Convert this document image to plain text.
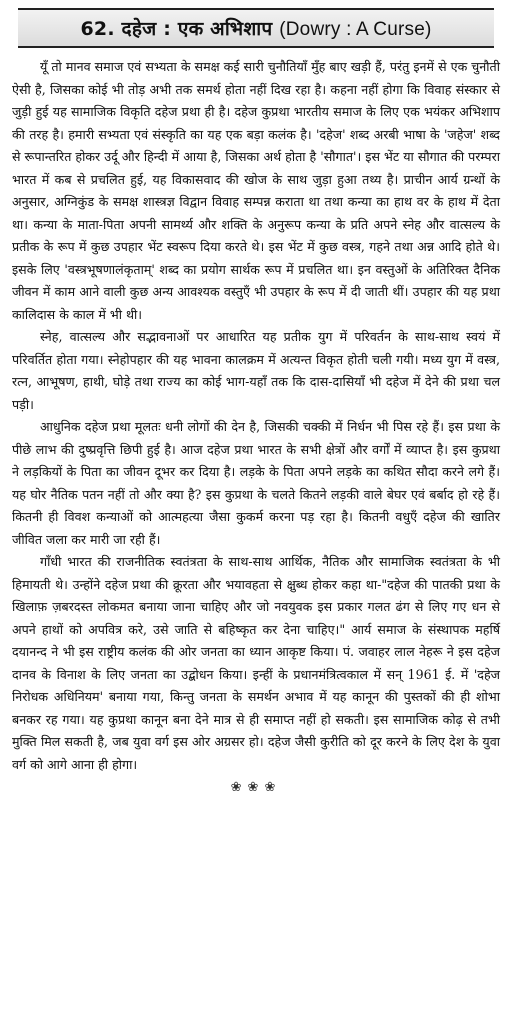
62. दहेज : एक अभिशाप (Dowry : A Curse)

यूँ तो मानव समाज एवं सभ्यता के समक्ष कई सारी चुनौतियाँ मुँह बाए खड़ी हैं, परंतु इनमें से एक चुनौती ऐसी है, जिसका कोई भी तोड़ अभी तक समर्थ होता नहीं दिख रहा है। कहना नहीं होगा कि विवाह संस्कार से जुड़ी हुई यह सामाजिक विकृति दहेज प्रथा ही है। दहेज कुप्रथा भारतीय समाज के लिए एक भयंकर अभिशाप की तरह है। हमारी सभ्यता एवं संस्कृति का यह एक बड़ा कलंक है। 'दहेज' शब्द अरबी भाषा के 'जहेज' शब्द से रूपान्तरित होकर उर्दू और हिन्दी में आया है, जिसका अर्थ होता है 'सौगात'। इस भेंट या सौगात की परम्परा भारत में कब से प्रचलित हुई, यह विकासवाद की खोज के साथ जुड़ा हुआ तथ्य है। प्राचीन आर्य ग्रन्थों के अनुसार, अग्निकुंड के समक्ष शास्त्रज्ञ विद्वान विवाह सम्पन्न कराता था तथा कन्या का हाथ वर के हाथ में देता था। कन्या के माता-पिता अपनी सामर्थ्य और शक्ति के अनुरूप कन्या के प्रति अपने स्नेह और वात्सल्य के प्रतीक के रूप में कुछ उपहार भेंट स्वरूप दिया करते थे। इस भेंट में कुछ वस्त्र, गहने तथा अन्न आदि होते थे। इसके लिए 'वस्त्रभूषणालंकृताम्' शब्द का प्रयोग सार्थक रूप में प्रचलित था। इन वस्तुओं के अतिरिक्त दैनिक जीवन में काम आने वाली कुछ अन्य आवश्यक वस्तुएँ भी उपहार के रूप में दी जाती थीं। उपहार की यह प्रथा कालिदास के काल में भी थी।

स्नेह, वात्सल्य और सद्भावनाओं पर आधारित यह प्रतीक युग में परिवर्तन के साथ-साथ स्वयं में परिवर्तित होता गया। स्नेहोपहार की यह भावना कालक्रम में अत्यन्त विकृत होती चली गयी। मध्य युग में वस्त्र, रत्न, आभूषण, हाथी, घोड़े तथा राज्य का कोई भाग-यहाँ तक कि दास-दासियाँ भी दहेज में देने की प्रथा चल पड़ी।

आधुनिक दहेज प्रथा मूलतः धनी लोगों की देन है, जिसकी चक्की में निर्धन भी पिस रहे हैं। इस प्रथा के पीछे लाभ की दुष्प्रवृत्ति छिपी हुई है। आज दहेज प्रथा भारत के सभी क्षेत्रों और वर्गों में व्याप्त है। इस कुप्रथा ने लड़कियों के पिता का जीवन दूभर कर दिया है। लड़के के पिता अपने लड़के का कथित सौदा करने लगे हैं। यह घोर नैतिक पतन नहीं तो और क्या है? इस कुप्रथा के चलते कितने लड़की वाले बेघर एवं बर्बाद हो रहे हैं। कितनी ही विवश कन्याओं को आत्महत्या जैसा कुकर्म करना पड़ रहा है। कितनी वधुएँ दहेज की खातिर जीवित जला कर मारी जा रही हैं।

गाँधी भारत की राजनीतिक स्वतंत्रता के साथ-साथ आर्थिक, नैतिक और सामाजिक स्वतंत्रता के भी हिमायती थे। उन्होंने दहेज प्रथा की क्रूरता और भयावहता से क्षुब्ध होकर कहा था-"दहेज की पातकी प्रथा के खिलाफ़ ज़बरदस्त लोकमत बनाया जाना चाहिए और जो नवयुवक इस प्रकार गलत ढंग से लिए गए धन से अपने हाथों को अपवित्र करे, उसे जाति से बहिष्कृत कर देना चाहिए।" आर्य समाज के संस्थापक महर्षि दयानन्द ने भी इस राष्ट्रीय कलंक की ओर जनता का ध्यान आकृष्ट किया। पं. जवाहर लाल नेहरू ने इस दहेज दानव के विनाश के लिए जनता का उद्बोधन किया। इन्हीं के प्रधानमंत्रित्वकाल में सन् 1961 ई. में 'दहेज निरोधक अधिनियम' बनाया गया, किन्तु जनता के समर्थन अभाव में यह कानून की पुस्तकों की ही शोभा बनकर रह गया। यह कुप्रथा कानून बना देने मात्र से ही समाप्त नहीं हो सकती। इस सामाजिक कोढ़ से तभी मुक्ति मिल सकती है, जब युवा वर्ग इस ओर अग्रसर हो। दहेज जैसी कुरीति को दूर करने के लिए देश के युवा वर्ग को आगे आना ही होगा।

❀❀❀
